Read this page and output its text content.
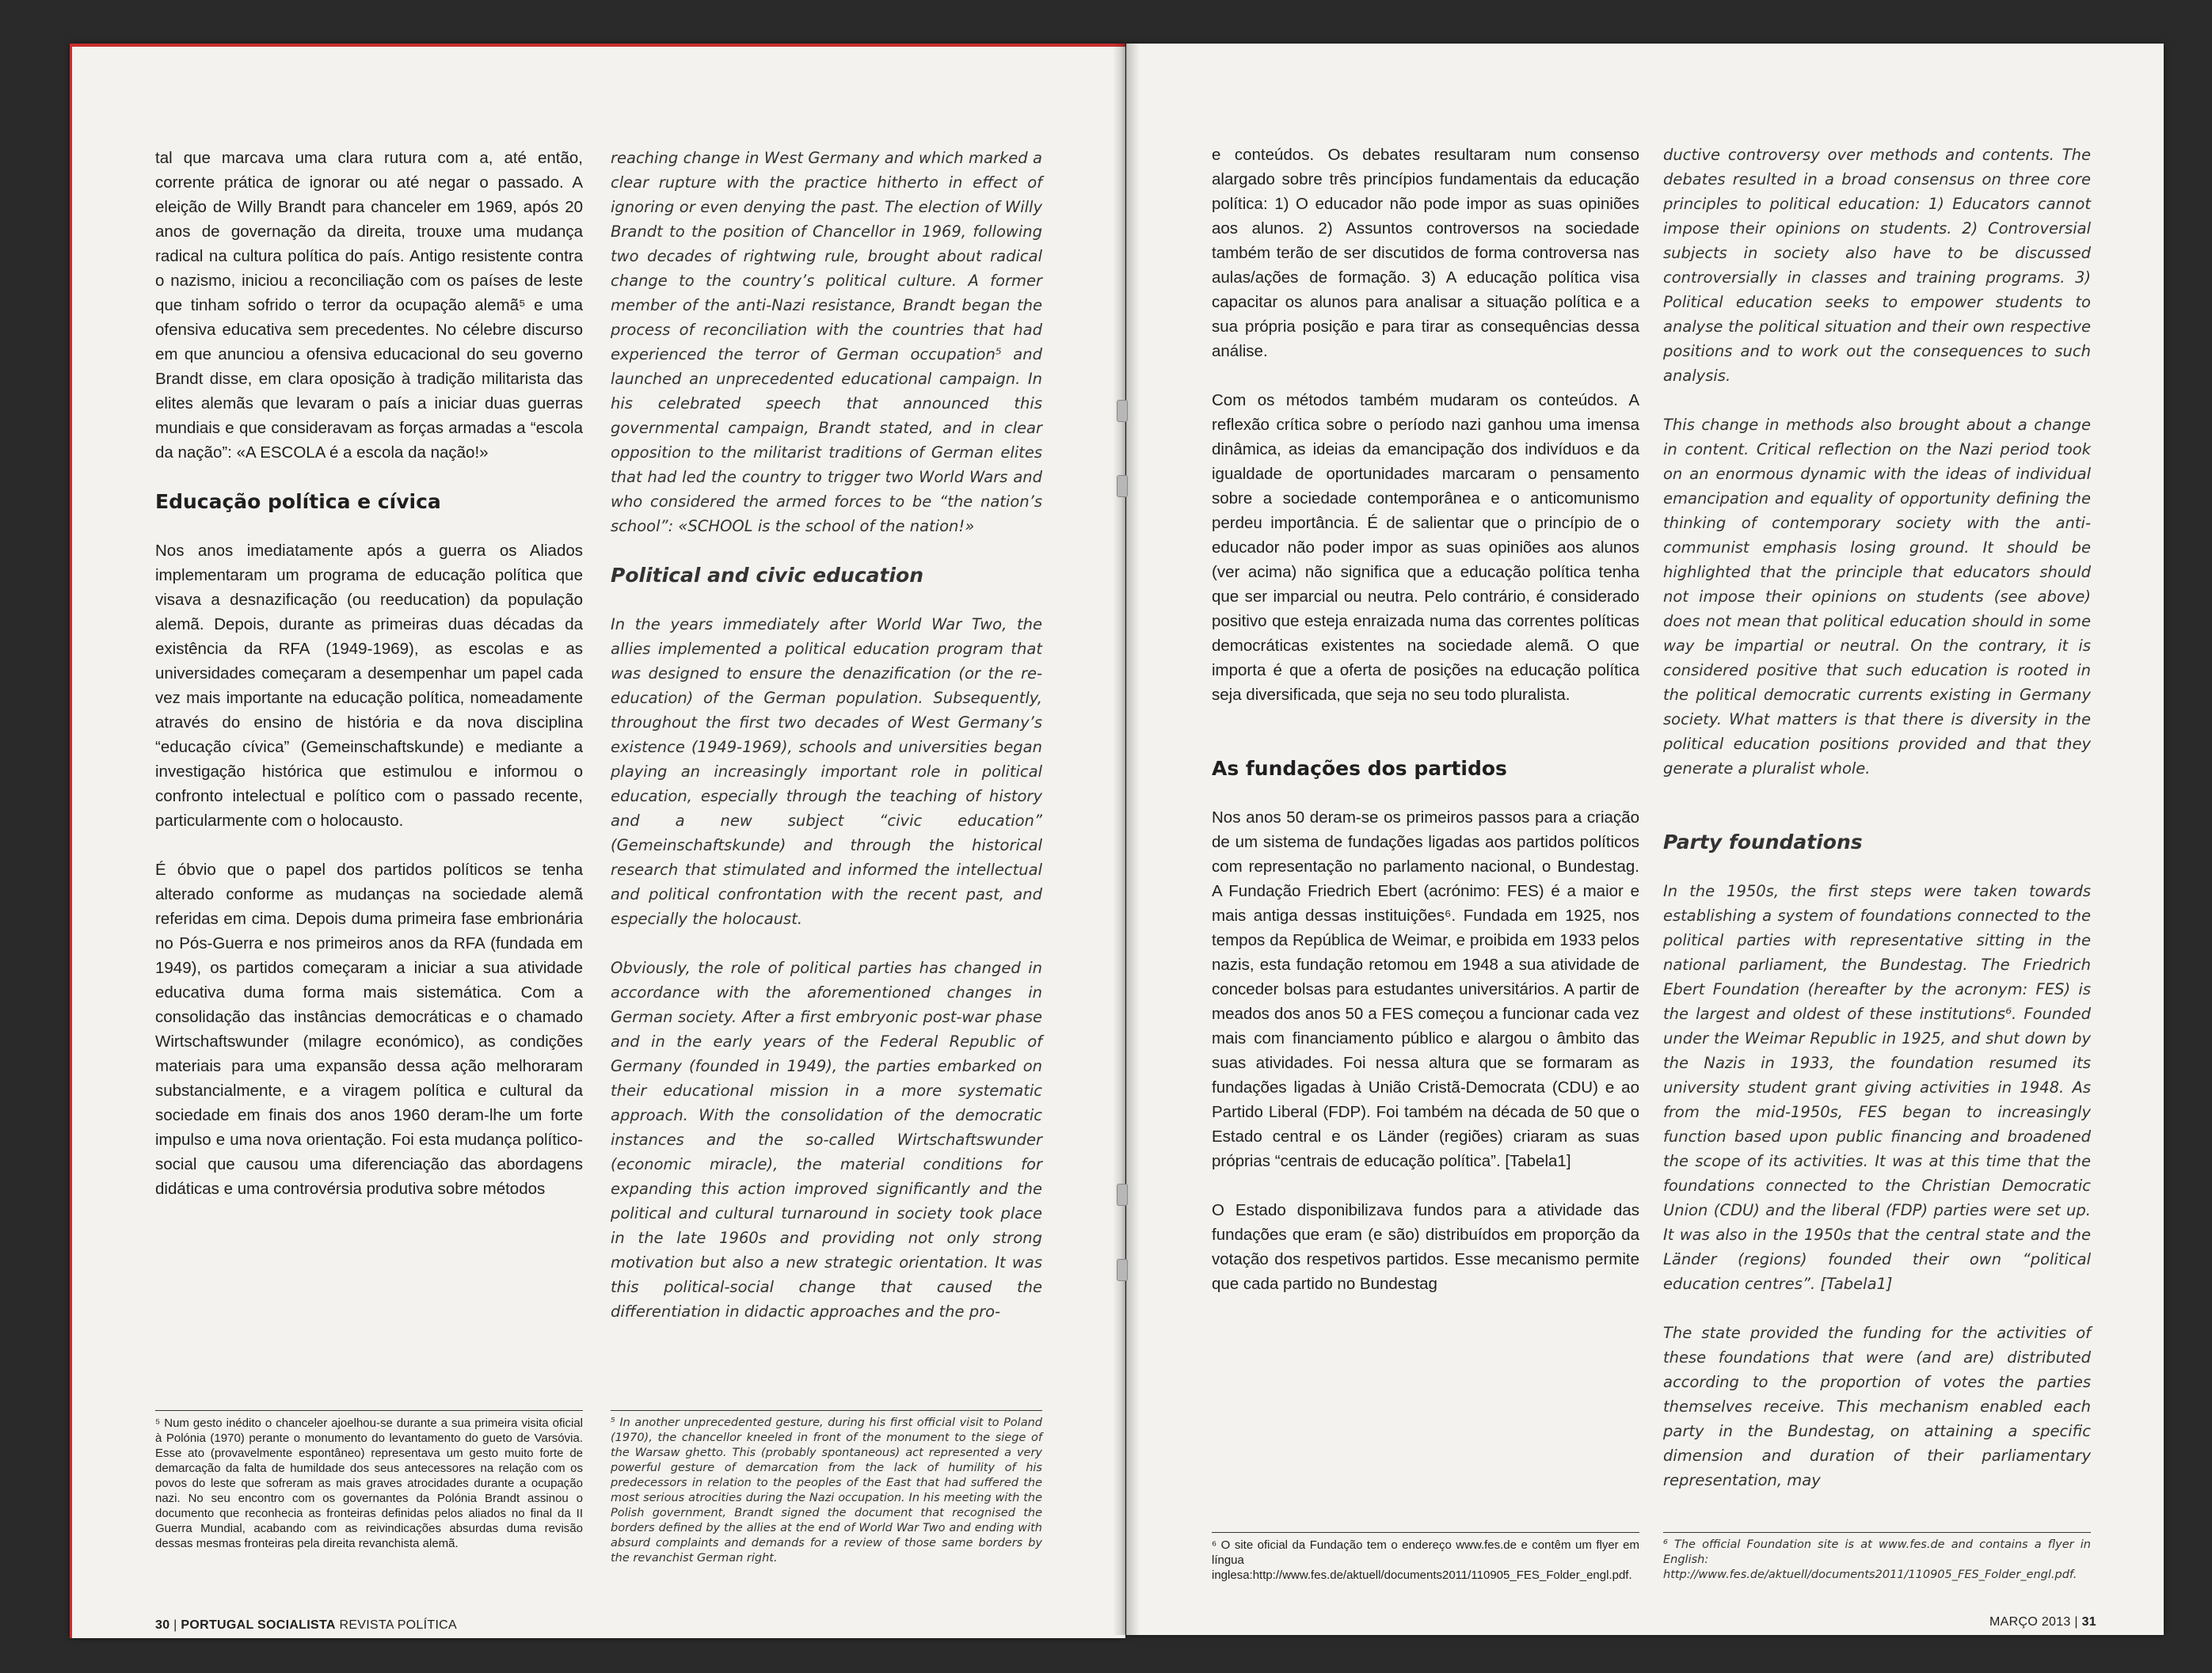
tal que marcava uma clara rutura com a, até então, corrente prática de ignorar ou até negar o passado. A eleição de Willy Brandt para chanceler em 1969, após 20 anos de governação da direita, trouxe uma mudança radical na cultura política do país. Antigo resistente contra o nazismo, iniciou a reconciliação com os países de leste que tinham sofrido o terror da ocupação alemã⁵ e uma ofensiva educativa sem precedentes. No célebre discurso em que anunciou a ofensiva educacional do seu governo Brandt disse, em clara oposição à tradição militarista das elites alemãs que levaram o país a iniciar duas guerras mundiais e que consideravam as forças armadas a “escola da nação”: «A ESCOLA é a escola da nação!»

Educação política e cívica

Nos anos imediatamente após a guerra os Aliados implementaram um programa de educação política que visava a desnazificação (ou reeducation) da população alemã. Depois, durante as primeiras duas décadas da existência da RFA (1949-1969), as escolas e as universidades começaram a desempenhar um papel cada vez mais importante na educação política, nomeadamente através do ensino de história e da nova disciplina “educação cívica” (Gemeinschaftskunde) e mediante a investigação histórica que estimulou e informou o confronto intelectual e político com o passado recente, particularmente com o holocausto.

É óbvio que o papel dos partidos políticos se tenha alterado conforme as mudanças na sociedade alemã referidas em cima. Depois duma primeira fase embrionária no Pós-Guerra e nos primeiros anos da RFA (fundada em 1949), os partidos começaram a iniciar a sua atividade educativa duma forma mais sistemática. Com a consolidação das instâncias democráticas e o chamado Wirtschaftswunder (milagre económico), as condições materiais para uma expansão dessa ação melhoraram substancialmente, e a viragem política e cultural da sociedade em finais dos anos 1960 deram-lhe um forte impulso e uma nova orientação. Foi esta mudança político-social que causou uma diferenciação das abordagens didáticas e uma controvérsia produtiva sobre métodos

⁵ Num gesto inédito o chanceler ajoelhou-se durante a sua primeira visita oficial à Polónia (1970) perante o monumento do levantamento do gueto de Varsóvia. Esse ato (provavelmente espontâneo) representava um gesto muito forte de demarcação da falta de humildade dos seus antecessores na relação com os povos do leste que sofreram as mais graves atrocidades durante a ocupação nazi. No seu encontro com os governantes da Polónia Brandt assinou o documento que reconhecia as fronteiras definidas pelos aliados no final da II Guerra Mundial, acabando com as reivindicações absurdas duma revisão dessas mesmas fronteiras pela direita revanchista alemã.

reaching change in West Germany and which marked a clear rupture with the practice hitherto in effect of ignoring or even denying the past. The election of Willy Brandt to the position of Chancellor in 1969, following two decades of rightwing rule, brought about radical change to the country’s political culture. A former member of the anti-Nazi resistance, Brandt began the process of reconciliation with the countries that had experienced the terror of German occupation⁵ and launched an unprecedented educational campaign. In his celebrated speech that announced this governmental campaign, Brandt stated, and in clear opposition to the militarist traditions of German elites that had led the country to trigger two World Wars and who considered the armed forces to be “the nation’s school”: «SCHOOL is the school of the nation!»

Political and civic education

In the years immediately after World War Two, the allies implemented a political education program that was designed to ensure the denazification (or the re-education) of the German population. Subsequently, throughout the first two decades of West Germany’s existence (1949-1969), schools and universities began playing an increasingly important role in political education, especially through the teaching of history and a new subject “civic education” (Gemeinschaftskunde) and through the historical research that stimulated and informed the intellectual and political confrontation with the recent past, and especially the holocaust.

Obviously, the role of political parties has changed in accordance with the aforementioned changes in German society. After a first embryonic post-war phase and in the early years of the Federal Republic of Germany (founded in 1949), the parties embarked on their educational mission in a more systematic approach. With the consolidation of the democratic instances and the so-called Wirtschaftswunder (economic miracle), the material conditions for expanding this action improved significantly and the political and cultural turnaround in society took place in the late 1960s and providing not only strong motivation but also a new strategic orientation. It was this political-social change that caused the differentiation in didactic approaches and the pro-

⁵ In another unprecedented gesture, during his first official visit to Poland (1970), the chancellor kneeled in front of the monument to the siege of the Warsaw ghetto. This (probably spontaneous) act represented a very powerful gesture of demarcation from the lack of humility of his predecessors in relation to the peoples of the East that had suffered the most serious atrocities during the Nazi occupation. In his meeting with the Polish government, Brandt signed the document that recognised the borders defined by the allies at the end of World War Two and ending with absurd complaints and demands for a review of those same borders by the revanchist German right.
30 | PORTUGAL SOCIALISTA REVISTA POLÍTICA

e conteúdos. Os debates resultaram num consenso alargado sobre três princípios fundamentais da educação política: 1) O educador não pode impor as suas opiniões aos alunos. 2) Assuntos controversos na sociedade também terão de ser discutidos de forma controversa nas aulas/ações de formação. 3) A educação política visa capacitar os alunos para analisar a situação política e a sua própria posição e para tirar as consequências dessa análise.

Com os métodos também mudaram os conteúdos. A reflexão crítica sobre o período nazi ganhou uma imensa dinâmica, as ideias da emancipação dos indivíduos e da igualdade de oportunidades marcaram o pensamento sobre a sociedade contemporânea e o anticomunismo perdeu importância. É de salientar que o princípio de o educador não poder impor as suas opiniões aos alunos (ver acima) não significa que a educação política tenha que ser imparcial ou neutra. Pelo contrário, é considerado positivo que esteja enraizada numa das correntes políticas democráticas existentes na sociedade alemã. O que importa é que a oferta de posições na educação política seja diversificada, que seja no seu todo pluralista.

As fundações dos partidos

Nos anos 50 deram-se os primeiros passos para a criação de um sistema de fundações ligadas aos partidos políticos com representação no parlamento nacional, o Bundestag. A Fundação Friedrich Ebert (acrónimo: FES) é a maior e mais antiga dessas instituições⁶. Fundada em 1925, nos tempos da República de Weimar, e proibida em 1933 pelos nazis, esta fundação retomou em 1948 a sua atividade de conceder bolsas para estudantes universitários. A partir de meados dos anos 50 a FES começou a funcionar cada vez mais com financiamento público e alargou o âmbito das suas atividades. Foi nessa altura que se formaram as fundações ligadas à União Cristã-Democrata (CDU) e ao Partido Liberal (FDP). Foi também na década de 50 que o Estado central e os Länder (regiões) criaram as suas próprias “centrais de educação política”. [Tabela1]

O Estado disponibilizava fundos para a atividade das fundações que eram (e são) distribuídos em proporção da votação dos respetivos partidos. Esse mecanismo permite que cada partido no Bundestag

⁶ O site oficial da Fundação tem o endereço www.fes.de e contêm um flyer em língua inglesa:http://www.fes.de/aktuell/documents2011/110905_FES_Folder_engl.pdf.

ductive controversy over methods and contents. The debates resulted in a broad consensus on three core principles to political education: 1) Educators cannot impose their opinions on students. 2) Controversial subjects in society also have to be discussed controversially in classes and training programs. 3) Political education seeks to empower students to analyse the political situation and their own respective positions and to work out the consequences to such analysis.

This change in methods also brought about a change in content. Critical reflection on the Nazi period took on an enormous dynamic with the ideas of individual emancipation and equality of opportunity defining the thinking of contemporary society with the anti-communist emphasis losing ground. It should be highlighted that the principle that educators should not impose their opinions on students (see above) does not mean that political education should in some way be impartial or neutral. On the contrary, it is considered positive that such education is rooted in the political democratic currents existing in Germany society. What matters is that there is diversity in the political education positions provided and that they generate a pluralist whole.

Party foundations

In the 1950s, the first steps were taken towards establishing a system of foundations connected to the political parties with representative sitting in the national parliament, the Bundestag. The Friedrich Ebert Foundation (hereafter by the acronym: FES) is the largest and oldest of these institutions⁶. Founded under the Weimar Republic in 1925, and shut down by the Nazis in 1933, the foundation resumed its university student grant giving activities in 1948. As from the mid-1950s, FES began to increasingly function based upon public financing and broadened the scope of its activities. It was at this time that the foundations connected to the Christian Democratic Union (CDU) and the liberal (FDP) parties were set up. It was also in the 1950s that the central state and the Länder (regions) founded their own “political education centres”. [Tabela1]

The state provided the funding for the activities of these foundations that were (and are) distributed according to the proportion of votes the parties themselves receive. This mechanism enabled each party in the Bundestag, on attaining a specific dimension and duration of their parliamentary representation, may

⁶ The official Foundation site is at www.fes.de and contains a flyer in English: http://www.fes.de/aktuell/documents2011/110905_FES_Folder_engl.pdf.
MARÇO 2013 | 31
